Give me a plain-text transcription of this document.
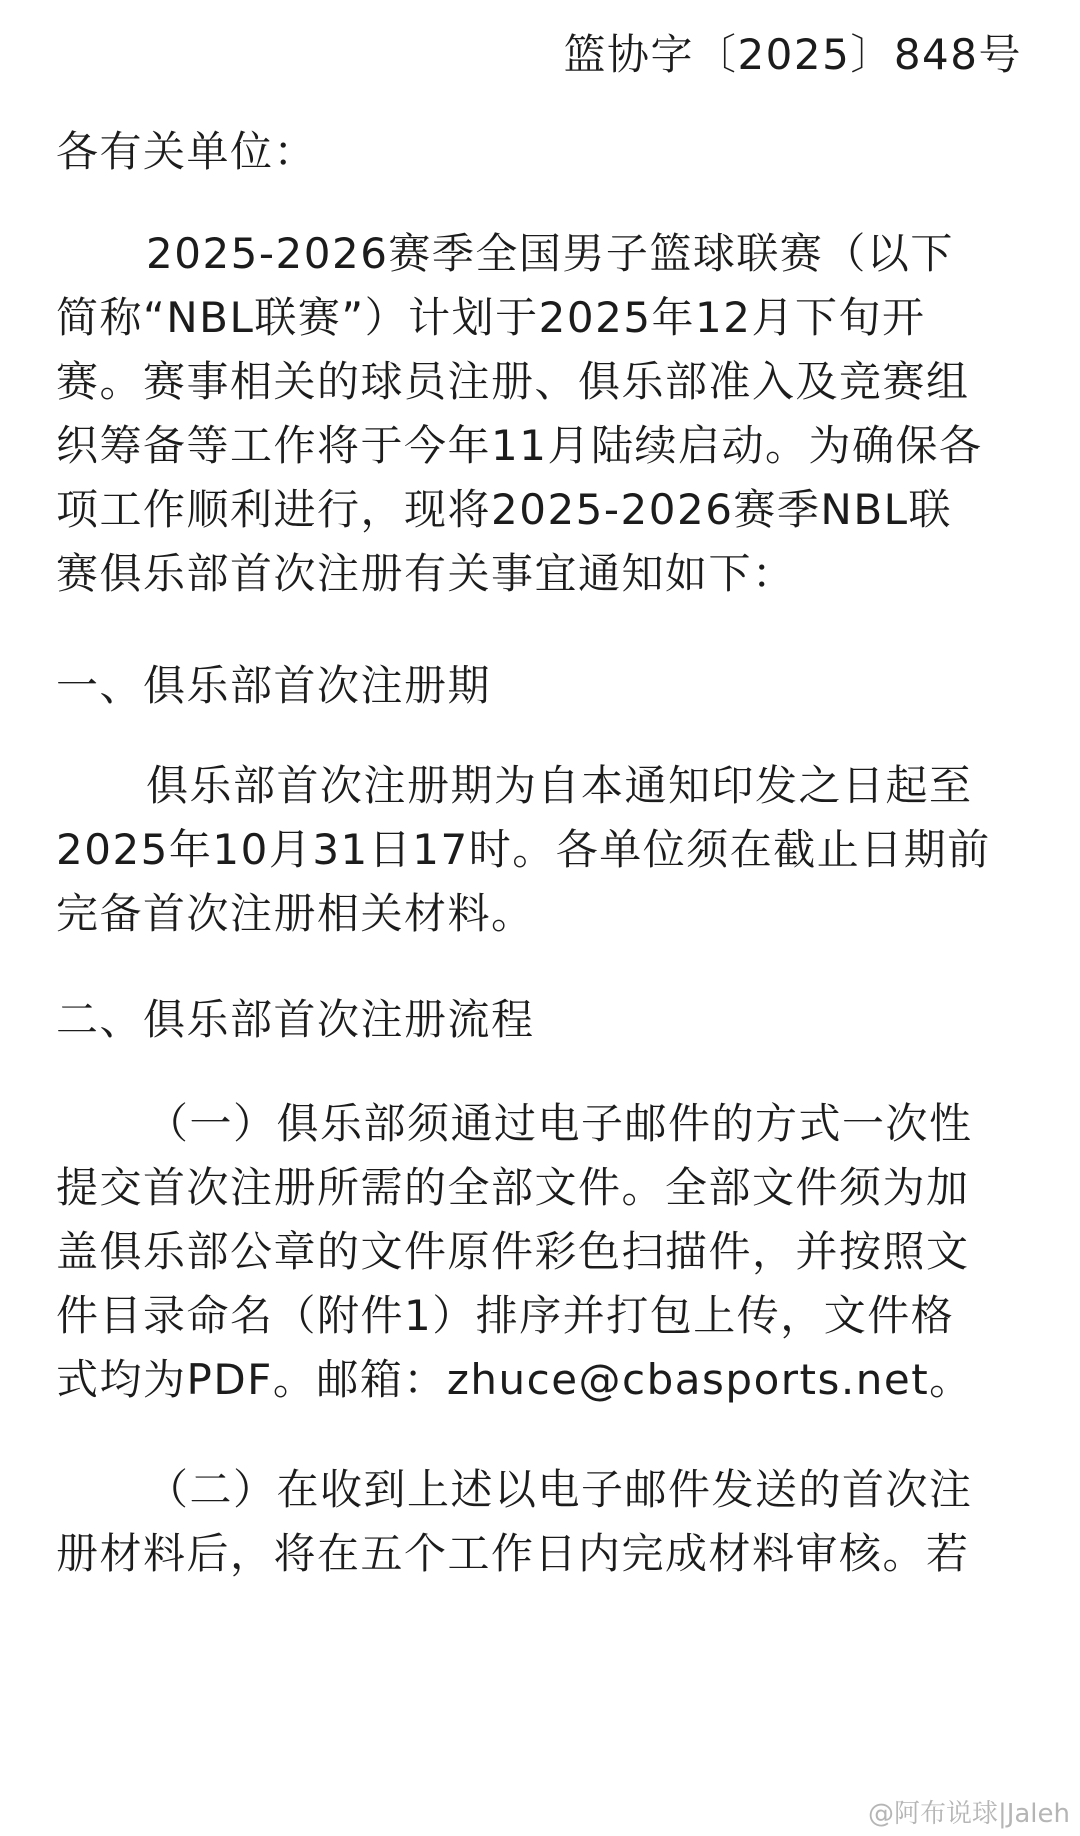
篮协字〔2025〕848号
各有关单位：
2025-2026赛季全国男子篮球联赛（以下
简称“NBL联赛”）计划于2025年12月下旬开
赛。赛事相关的球员注册、俱乐部准入及竞赛组
织筹备等工作将于今年11月陆续启动。为确保各
项工作顺利进行，现将2025-2026赛季NBL联
赛俱乐部首次注册有关事宜通知如下：
一、俱乐部首次注册期
俱乐部首次注册期为自本通知印发之日起至
2025年10月31日17时。各单位须在截止日期前
完备首次注册相关材料。
二、俱乐部首次注册流程
（一）俱乐部须通过电子邮件的方式一次性
提交首次注册所需的全部文件。全部文件须为加
盖俱乐部公章的文件原件彩色扫描件，并按照文
件目录命名（附件1）排序并打包上传，文件格
式均为PDF。邮箱：zhuce@cbasports.net。
（二）在收到上述以电子邮件发送的首次注
册材料后，将在五个工作日内完成材料审核。若
@阿布说球|Jaleh
